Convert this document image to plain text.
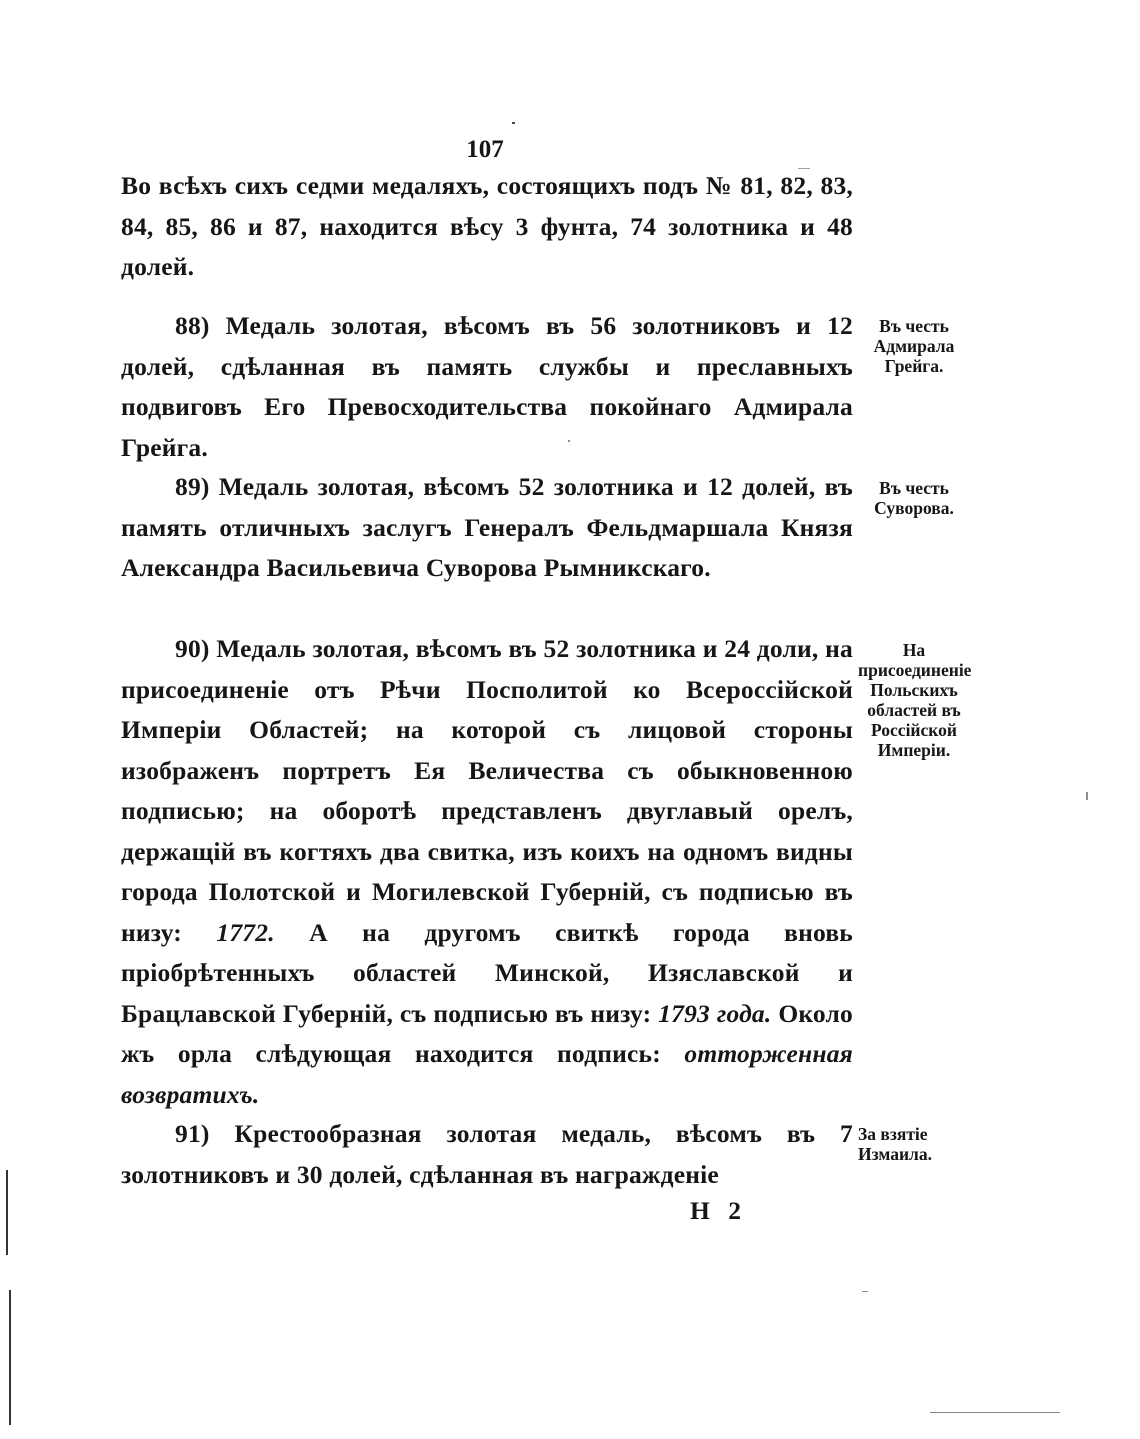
107

Во всѣхъ сихъ седми медаляхъ, состоящихъ подъ № 81, 82, 83, 84, 85, 86 и 87, находится вѣсу 3 фунта, 74 золотника и 48 долей.

88) Медаль золотая, вѣсомъ въ 56 золотниковъ и 12 долей, сдѣланная въ память службы и преславныхъ подвиговъ Его Превосходительства покойнаго Адмирала Грейга.

Въ честь Адмирала Грейга.

89) Медаль золотая, вѣсомъ 52 золотника и 12 долей, въ память отличныхъ заслугъ Генералъ Фельдмаршала Князя Александра Васильевича Суворова Рымникскаго.

Въ честь Суворова.

90) Медаль золотая, вѣсомъ въ 52 золотника и 24 доли, на присоединеніе отъ Рѣчи Посполитой ко Всероссійской Имперіи Областей; на которой съ лицовой стороны изображенъ портретъ Ея Величества съ обыкновенною подписью; на оборотѣ представленъ двуглавый орелъ, держащій въ когтяхъ два свитка, изъ коихъ на одномъ видны города Полотской и Могилевской Губерній, съ подписью въ низу: 1772. А на другомъ свиткѣ города вновь пріобрѣтенныхъ областей Минской, Изяславской и Брацлавской Губерній, съ подписью въ низу: 1793 года. Около жъ орла слѣдующая находится подпись: отторженная возвратихъ.

На присоединеніе Польскихъ областей въ Россійской Имперіи.

91) Крестообразная золотая медаль, вѣсомъ въ 7 золотниковъ и 30 долей, сдѣланная въ награжденіе

За взятіе Измаила.
Н 2
